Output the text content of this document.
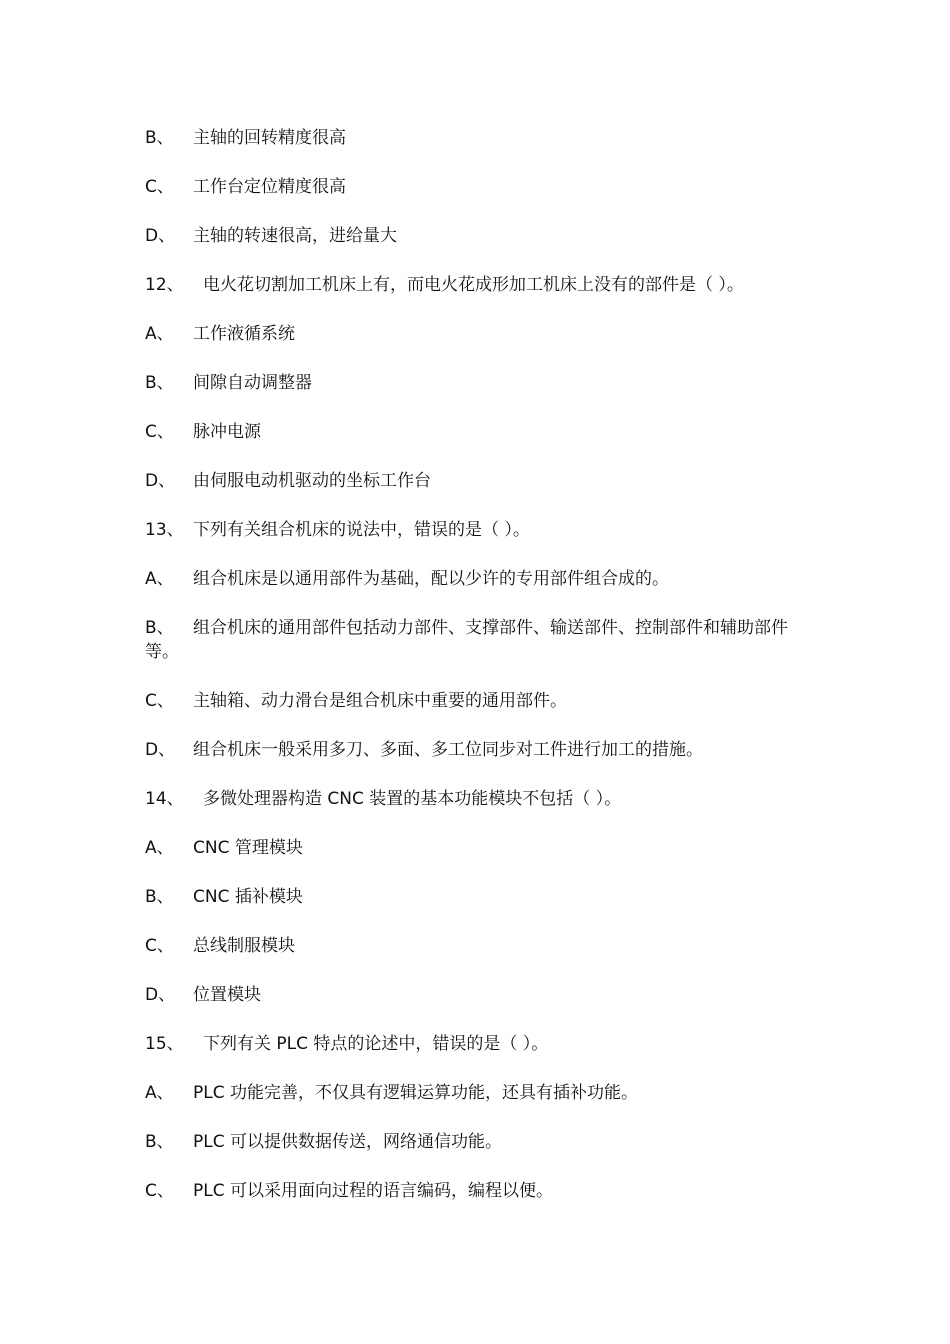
B、 主轴的回转精度很高
C、 工作台定位精度很高
D、 主轴的转速很高，进给量大
12、 电火花切割加工机床上有，而电火花成形加工机床上没有的部件是（ ）。
A、 工作液循系统
B、 间隙自动调整器
C、 脉冲电源
D、 由伺服电动机驱动的坐标工作台
13、 下列有关组合机床的说法中，错误的是（ ）。
A、 组合机床是以通用部件为基础，配以少许的专用部件组合成的。
B、 组合机床的通用部件包括动力部件、支撑部件、输送部件、控制部件和辅助部件等。
C、 主轴箱、动力滑台是组合机床中重要的通用部件。
D、 组合机床一般采用多刀、多面、多工位同步对工件进行加工的措施。
14、 多微处理器构造 CNC 装置的基本功能模块不包括（ ）。
A、 CNC 管理模块
B、 CNC 插补模块
C、 总线制服模块
D、 位置模块
15、 下列有关 PLC 特点的论述中，错误的是（ ）。
A、 PLC 功能完善，不仅具有逻辑运算功能，还具有插补功能。
B、 PLC 可以提供数据传送，网络通信功能。
C、 PLC 可以采用面向过程的语言编码，编程以便。
